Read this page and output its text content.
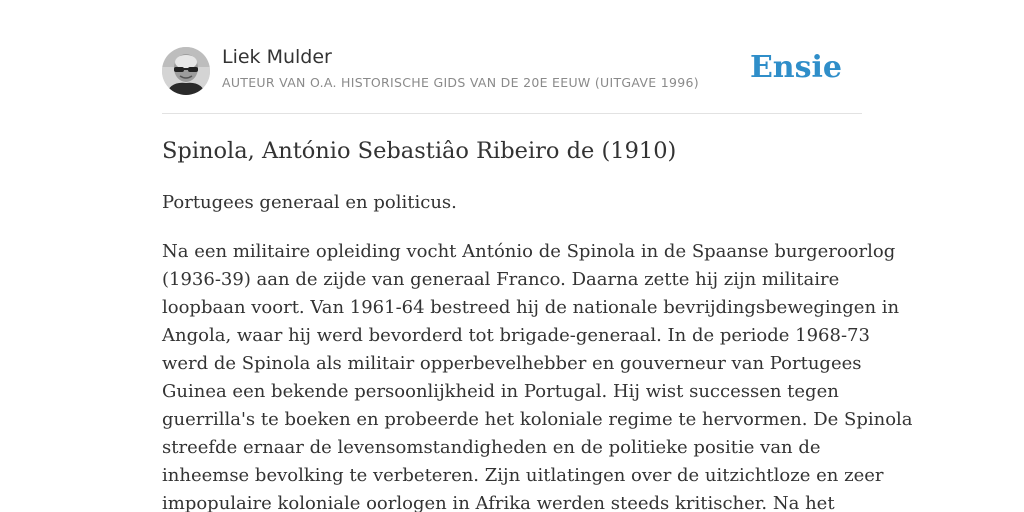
Liek Mulder
AUTEUR VAN O.A. HISTORISCHE GIDS VAN DE 20E EEUW (UITGAVE 1996) Ensie
Spinola, António Sebastiâo Ribeiro de (1910)

Portugees generaal en politicus.

Na een militaire opleiding vocht António de Spinola in de Spaanse burgeroorlog
(1936-39) aan de zijde van generaal Franco. Daarna zette hij zijn militaire
loopbaan voort. Van 1961-64 bestreed hij de nationale bevrijdingsbewegingen in
Angola, waar hij werd bevorderd tot brigade-generaal. In de periode 1968-73
werd de Spinola als militair opperbevelhebber en gouverneur van Portugees
Guinea een bekende persoonlijkheid in Portugal. Hij wist successen tegen
guerrilla's te boeken en probeerde het koloniale regime te hervormen. De Spinola
streefde ernaar de levensomstandigheden en de politieke positie van de
inheemse bevolking te verbeteren. Zijn uitlatingen over de uitzichtloze en zeer
impopulaire koloniale oorlogen in Afrika werden steeds kritischer. Na het
